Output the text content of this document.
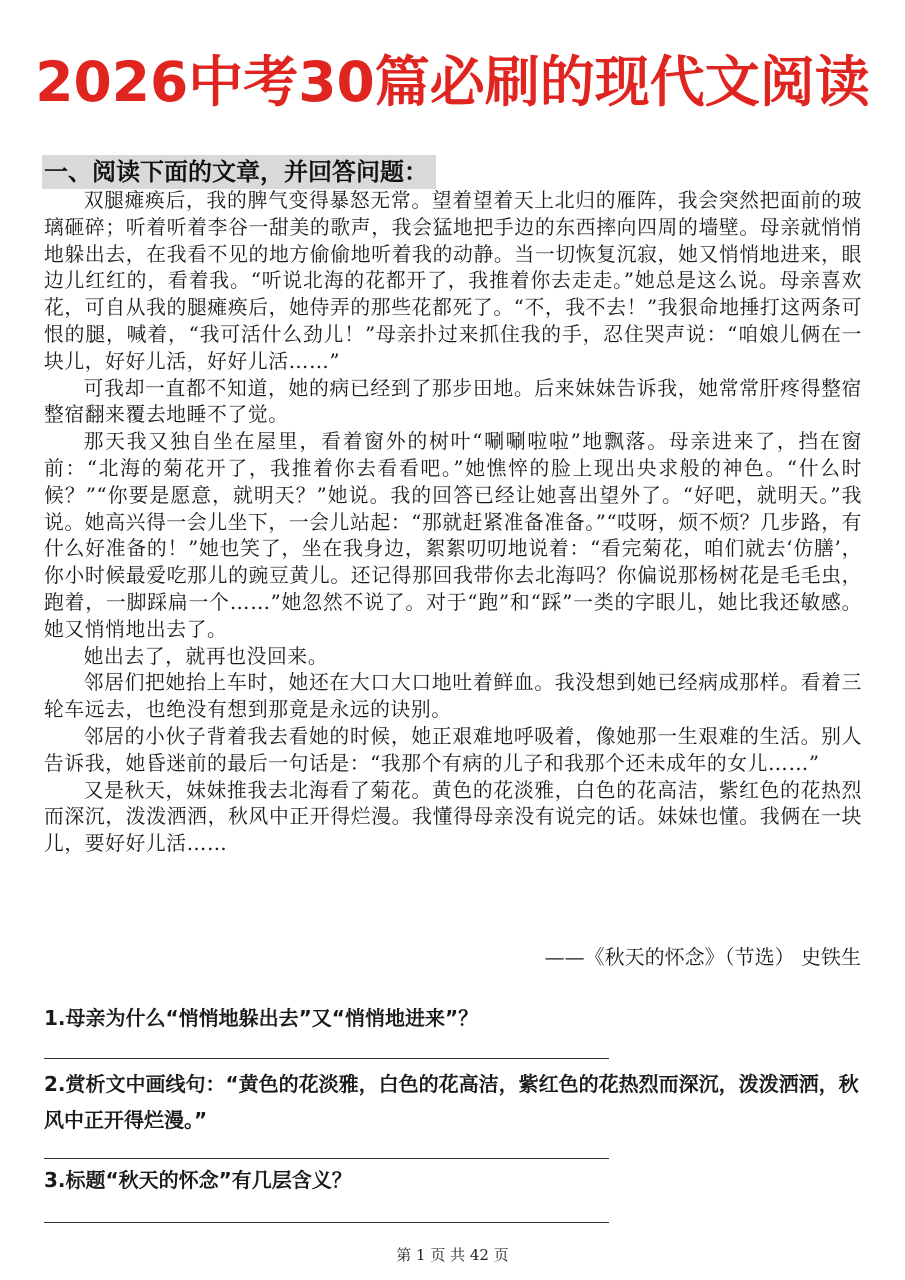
2026中考30篇必刷的现代文阅读
一、阅读下面的文章，并回答问题：

双腿瘫痪后，我的脾气变得暴怒无常。望着望着天上北归的雁阵，我会突然把面前的玻璃砸碎；听着听着李谷一甜美的歌声，我会猛地把手边的东西摔向四周的墙壁。母亲就悄悄地躲出去，在我看不见的地方偷偷地听着我的动静。当一切恢复沉寂，她又悄悄地进来，眼边儿红红的，看着我。“听说北海的花都开了，我推着你去走走。”她总是这么说。母亲喜欢花，可自从我的腿瘫痪后，她侍弄的那些花都死了。“不，我不去！”我狠命地捶打这两条可恨的腿，喊着，“我可活什么劲儿！”母亲扑过来抓住我的手，忍住哭声说：“咱娘儿俩在一块儿，好好儿活，好好儿活……”

可我却一直都不知道，她的病已经到了那步田地。后来妹妹告诉我，她常常肝疼得整宿整宿翻来覆去地睡不了觉。

那天我又独自坐在屋里，看着窗外的树叶“唰唰啦啦”地飘落。母亲进来了，挡在窗前：“北海的菊花开了，我推着你去看看吧。”她憔悴的脸上现出央求般的神色。“什么时候？”“你要是愿意，就明天？”她说。我的回答已经让她喜出望外了。“好吧，就明天。”我说。她高兴得一会儿坐下，一会儿站起：“那就赶紧准备准备。”“哎呀，烦不烦？几步路，有什么好准备的！”她也笑了，坐在我身边，絮絮叨叨地说着：“看完菊花，咱们就去‘仿膳’，你小时候最爱吃那儿的豌豆黄儿。还记得那回我带你去北海吗？你偏说那杨树花是毛毛虫，跑着，一脚踩扁一个……”她忽然不说了。对于“跑”和“踩”一类的字眼儿，她比我还敏感。她又悄悄地出去了。

她出去了，就再也没回来。

邻居们把她抬上车时，她还在大口大口地吐着鲜血。我没想到她已经病成那样。看着三轮车远去，也绝没有想到那竟是永远的诀别。

邻居的小伙子背着我去看她的时候，她正艰难地呼吸着，像她那一生艰难的生活。别人告诉我，她昏迷前的最后一句话是：“我那个有病的儿子和我那个还未成年的女儿……”

又是秋天，妹妹推我去北海看了菊花。黄色的花淡雅，白色的花高洁，紫红色的花热烈而深沉，泼泼洒洒，秋风中正开得烂漫。我懂得母亲没有说完的话。妹妹也懂。我俩在一块儿，要好好儿活……

——《秋天的怀念》（节选） 史铁生
1.母亲为什么“悄悄地躲出去”又“悄悄地进来”？
2.赏析文中画线句：“黄色的花淡雅，白色的花高洁，紫红色的花热烈而深沉，泼泼洒洒，秋风中正开得烂漫。”
3.标题“秋天的怀念”有几层含义？
第 1 页 共 42 页
